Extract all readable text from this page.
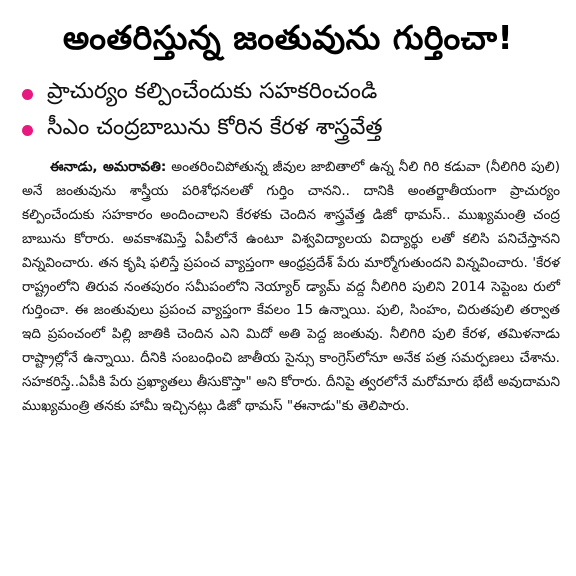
అంతరిస్తున్న జంతువును గుర్తించా!
ప్రాచుర్యం కల్పించేందుకు సహకరించండి
సీఎం చంద్రబాబును కోరిన కేరళ శాస్త్రవేత్త
ఈనాడు, అమరావతి: అంతరించిపోతున్న జీవుల జాబితాలో ఉన్న నీలి గిరి కడువా (నీలిగిరి పులి) అనే జంతువును శాస్త్రీయ పరిశోధనలతో గుర్తిం చానని.. దానికి అంతర్జాతీయంగా ప్రాచుర్యం కల్పించేందుకు సహకారం అందించాలని కేరళకు చెందిన శాస్త్రవేత్త డిజో థామస్.. ముఖ్యమంత్రి చంద్ర బాబును కోరారు. అవకాశమిస్తే ఏపీలోనే ఉంటూ విశ్వవిద్యాలయ విద్యార్థు లతో కలిసి పనిచేస్తానని విన్నవించారు. తన కృషి ఫలిస్తే ప్రపంచ వ్యాప్తంగా ఆంధ్రప్రదేశ్ పేరు మార్మోగుతుందని విన్నవించారు. 'కేరళ రాష్ట్రంలోని తిరువ నంతపురం సమీపంలోని నెయ్యార్ డ్యామ్ వద్ద నీలిగిరి పులిని 2014 సెప్టెంబ రులో గుర్తించా. ఈ జంతువులు ప్రపంచ వ్యాప్తంగా కేవలం 15 ఉన్నాయి. పులి, సింహం, చిరుతపులి తర్వాత ఇది ప్రపంచంలో పిల్లి జాతికి చెందిన ఎని మిదో అతి పెద్ద జంతువు. నీలిగిరి పులి కేరళ, తమిళనాడు రాష్ట్రాల్లోనే ఉన్నాయి. దీనికి సంబంధించి జాతీయ సైన్సు కాంగ్రెస్‌లోనూ అనేక పత్ర సమర్పణలు చేశాను. సహకరిస్తే..ఏపీకి పేరు ప్రఖ్యాతలు తీసుకొస్తా" అని కోరారు. దీనిపై త్వరలోనే మరోమారు భేటీ అవుదామని ముఖ్యమంత్రి తనకు హామీ ఇచ్చినట్లు డిజో థామస్ "ఈనాడు"కు తెలిపారు.
